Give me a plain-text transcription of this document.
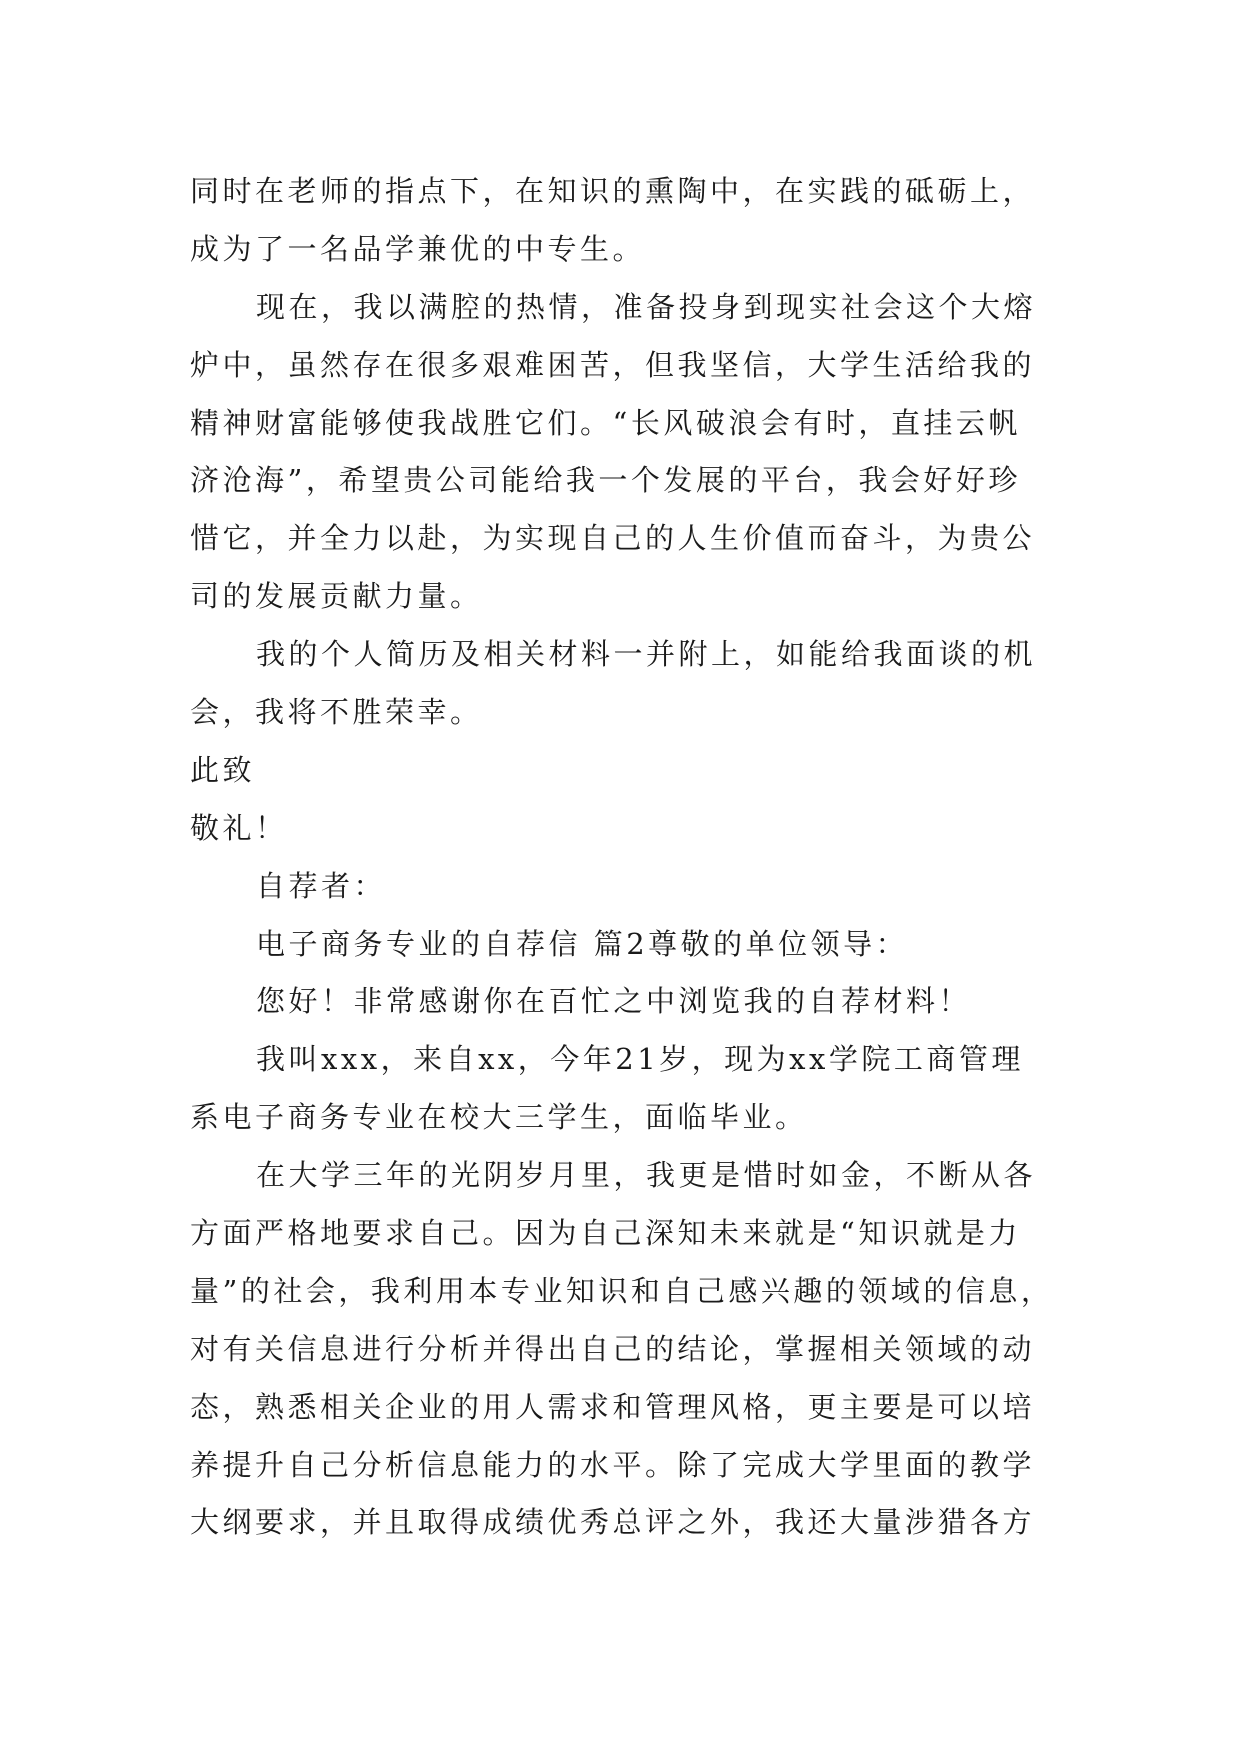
同时在老师的指点下，在知识的熏陶中，在实践的砥砺上，
成为了一名品学兼优的中专生。
现在，我以满腔的热情，准备投身到现实社会这个大熔
炉中，虽然存在很多艰难困苦，但我坚信，大学生活给我的
精神财富能够使我战胜它们。“长风破浪会有时，直挂云帆
济沧海”，希望贵公司能给我一个发展的平台，我会好好珍
惜它，并全力以赴，为实现自己的人生价值而奋斗，为贵公
司的发展贡献力量。
我的个人简历及相关材料一并附上，如能给我面谈的机
会，我将不胜荣幸。
此致
敬礼！
自荐者：
电子商务专业的自荐信 篇2尊敬的单位领导：
您好！非常感谢你在百忙之中浏览我的自荐材料！
我叫xxx，来自xx，今年21岁，现为xx学院工商管理
系电子商务专业在校大三学生，面临毕业。
在大学三年的光阴岁月里，我更是惜时如金，不断从各
方面严格地要求自己。因为自己深知未来就是“知识就是力
量”的社会，我利用本专业知识和自己感兴趣的领域的信息，
对有关信息进行分析并得出自己的结论，掌握相关领域的动
态，熟悉相关企业的用人需求和管理风格，更主要是可以培
养提升自己分析信息能力的水平。除了完成大学里面的教学
大纲要求，并且取得成绩优秀总评之外，我还大量涉猎各方
